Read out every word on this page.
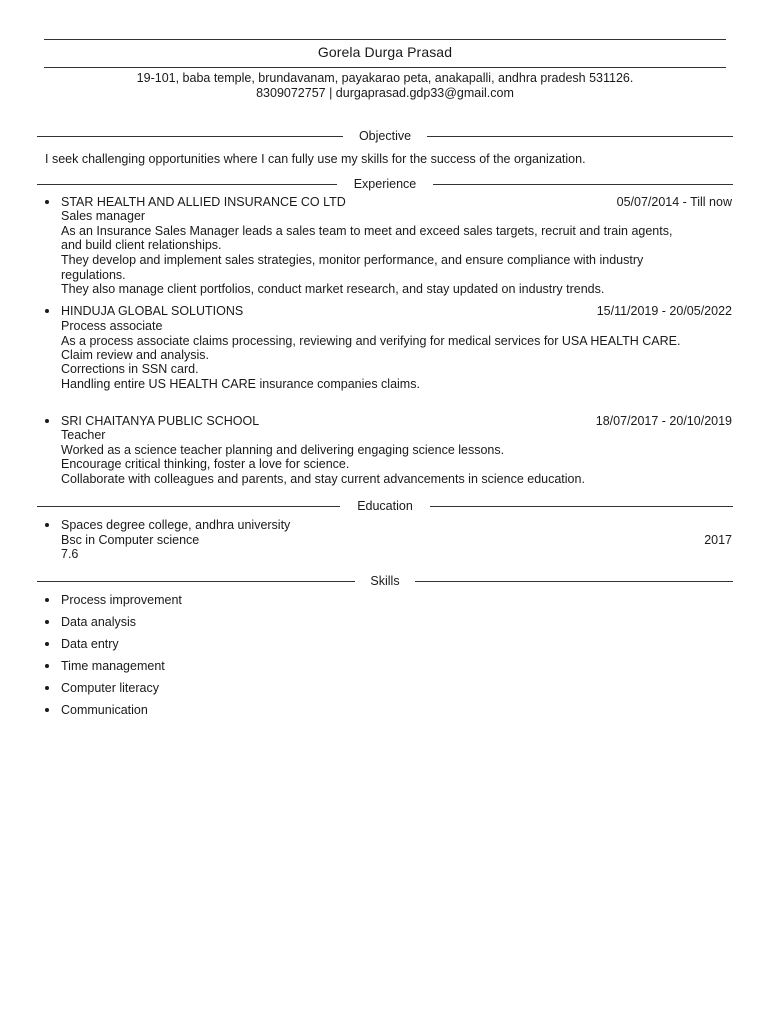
Gorela Durga Prasad
19-101, baba temple, brundavanam, payakarao peta, anakapalli, andhra pradesh 531126.
8309072757 | durgaprasad.gdp33@gmail.com
Objective
I seek challenging opportunities where I can fully use my skills for the success of the organization.
Experience
STAR HEALTH AND ALLIED INSURANCE CO LTD	05/07/2014 - Till now
Sales manager
As an Insurance Sales Manager leads a sales team to meet and exceed sales targets, recruit and train agents,
and build client relationships.
They develop and implement sales strategies, monitor performance, and ensure compliance with industry
regulations.
They also manage client portfolios, conduct market research, and stay updated on industry trends.
HINDUJA GLOBAL SOLUTIONS	15/11/2019 - 20/05/2022
Process associate
As a process associate claims processing, reviewing and verifying for medical services for USA HEALTH CARE.
Claim review and analysis.
Corrections in SSN card.
Handling entire US HEALTH CARE insurance companies claims.
SRI CHAITANYA PUBLIC SCHOOL	18/07/2017 - 20/10/2019
Teacher
Worked as a science teacher planning and delivering engaging science lessons.
Encourage critical thinking, foster a love for science.
Collaborate with colleagues and parents, and stay current advancements in science education.
Education
Spaces degree college, andhra university
Bsc in Computer science	2017
7.6
Skills
Process improvement
Data analysis
Data entry
Time management
Computer literacy
Communication
